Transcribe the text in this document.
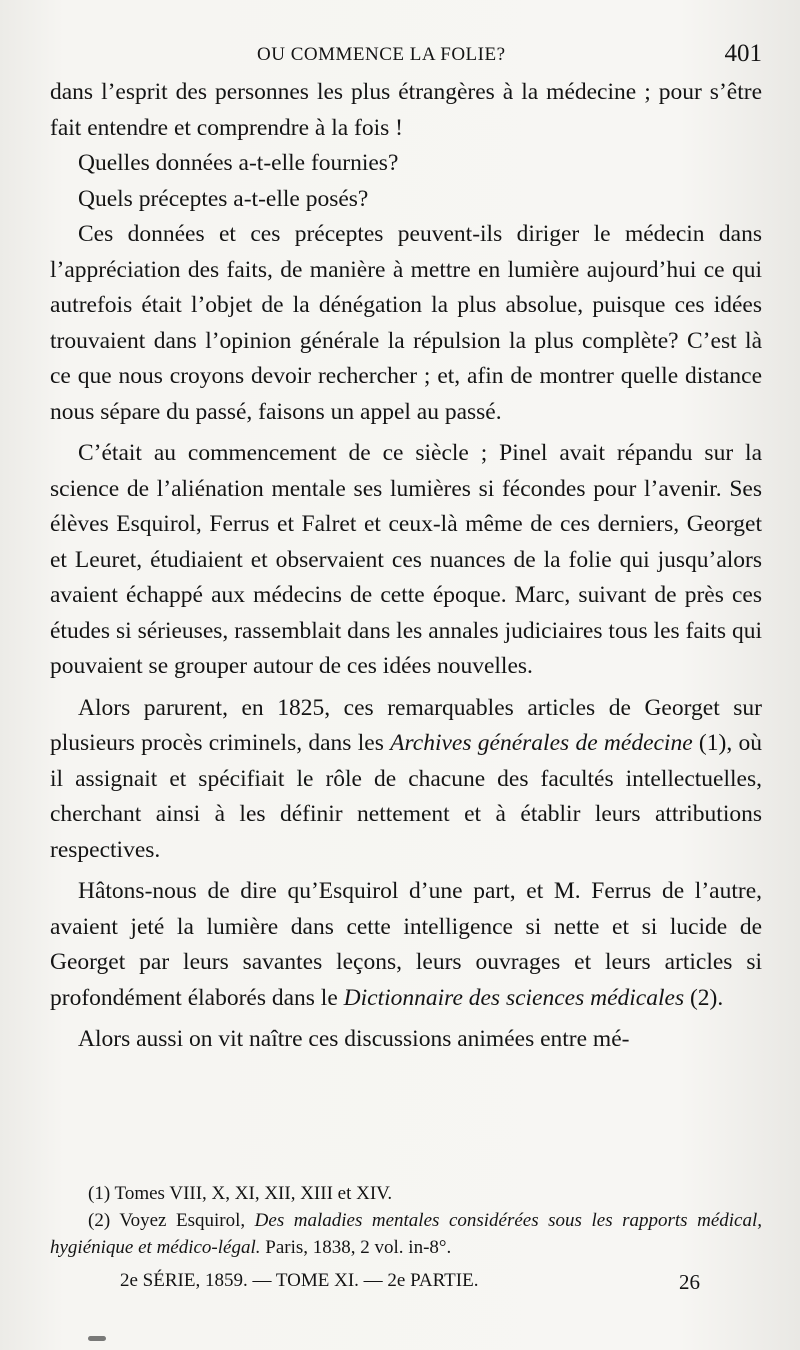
OU COMMENCE LA FOLIE?	401

dans l’esprit des personnes les plus étrangères à la médecine ; pour s’être fait entendre et comprendre à la fois !

Quelles données a-t-elle fournies?

Quels préceptes a-t-elle posés?

Ces données et ces préceptes peuvent-ils diriger le médecin dans l’appréciation des faits, de manière à mettre en lumière aujourd’hui ce qui autrefois était l’objet de la dénégation la plus absolue, puisque ces idées trouvaient dans l’opinion générale la répulsion la plus complète? C’est là ce que nous croyons devoir rechercher ; et, afin de montrer quelle distance nous sépare du passé, faisons un appel au passé.

C’était au commencement de ce siècle ; Pinel avait répandu sur la science de l’aliénation mentale ses lumières si fécondes pour l’avenir. Ses élèves Esquirol, Ferrus et Falret et ceux-là même de ces derniers, Georget et Leuret, étudiaient et observaient ces nuances de la folie qui jusqu’alors avaient échappé aux médecins de cette époque. Marc, suivant de près ces études si sérieuses, rassemblait dans les annales judiciaires tous les faits qui pouvaient se grouper autour de ces idées nouvelles.

Alors parurent, en 1825, ces remarquables articles de Georget sur plusieurs procès criminels, dans les Archives générales de médecine (1), où il assignait et spécifiait le rôle de chacune des facultés intellectuelles, cherchant ainsi à les définir nettement et à établir leurs attributions respectives.

Hâtons-nous de dire qu’Esquirol d’une part, et M. Ferrus de l’autre, avaient jeté la lumière dans cette intelligence si nette et si lucide de Georget par leurs savantes leçons, leurs ouvrages et leurs articles si profondément élaborés dans le Dictionnaire des sciences médicales (2).

Alors aussi on vit naître ces discussions animées entre mé-

(1) Tomes VIII, X, XI, XII, XIII et XIV.

(2) Voyez Esquirol, Des maladies mentales considérées sous les rapports médical, hygiénique et médico-légal. Paris, 1838, 2 vol. in-8°.

2e SÉRIE, 1859. — TOME XI. — 2e PARTIE.	26
